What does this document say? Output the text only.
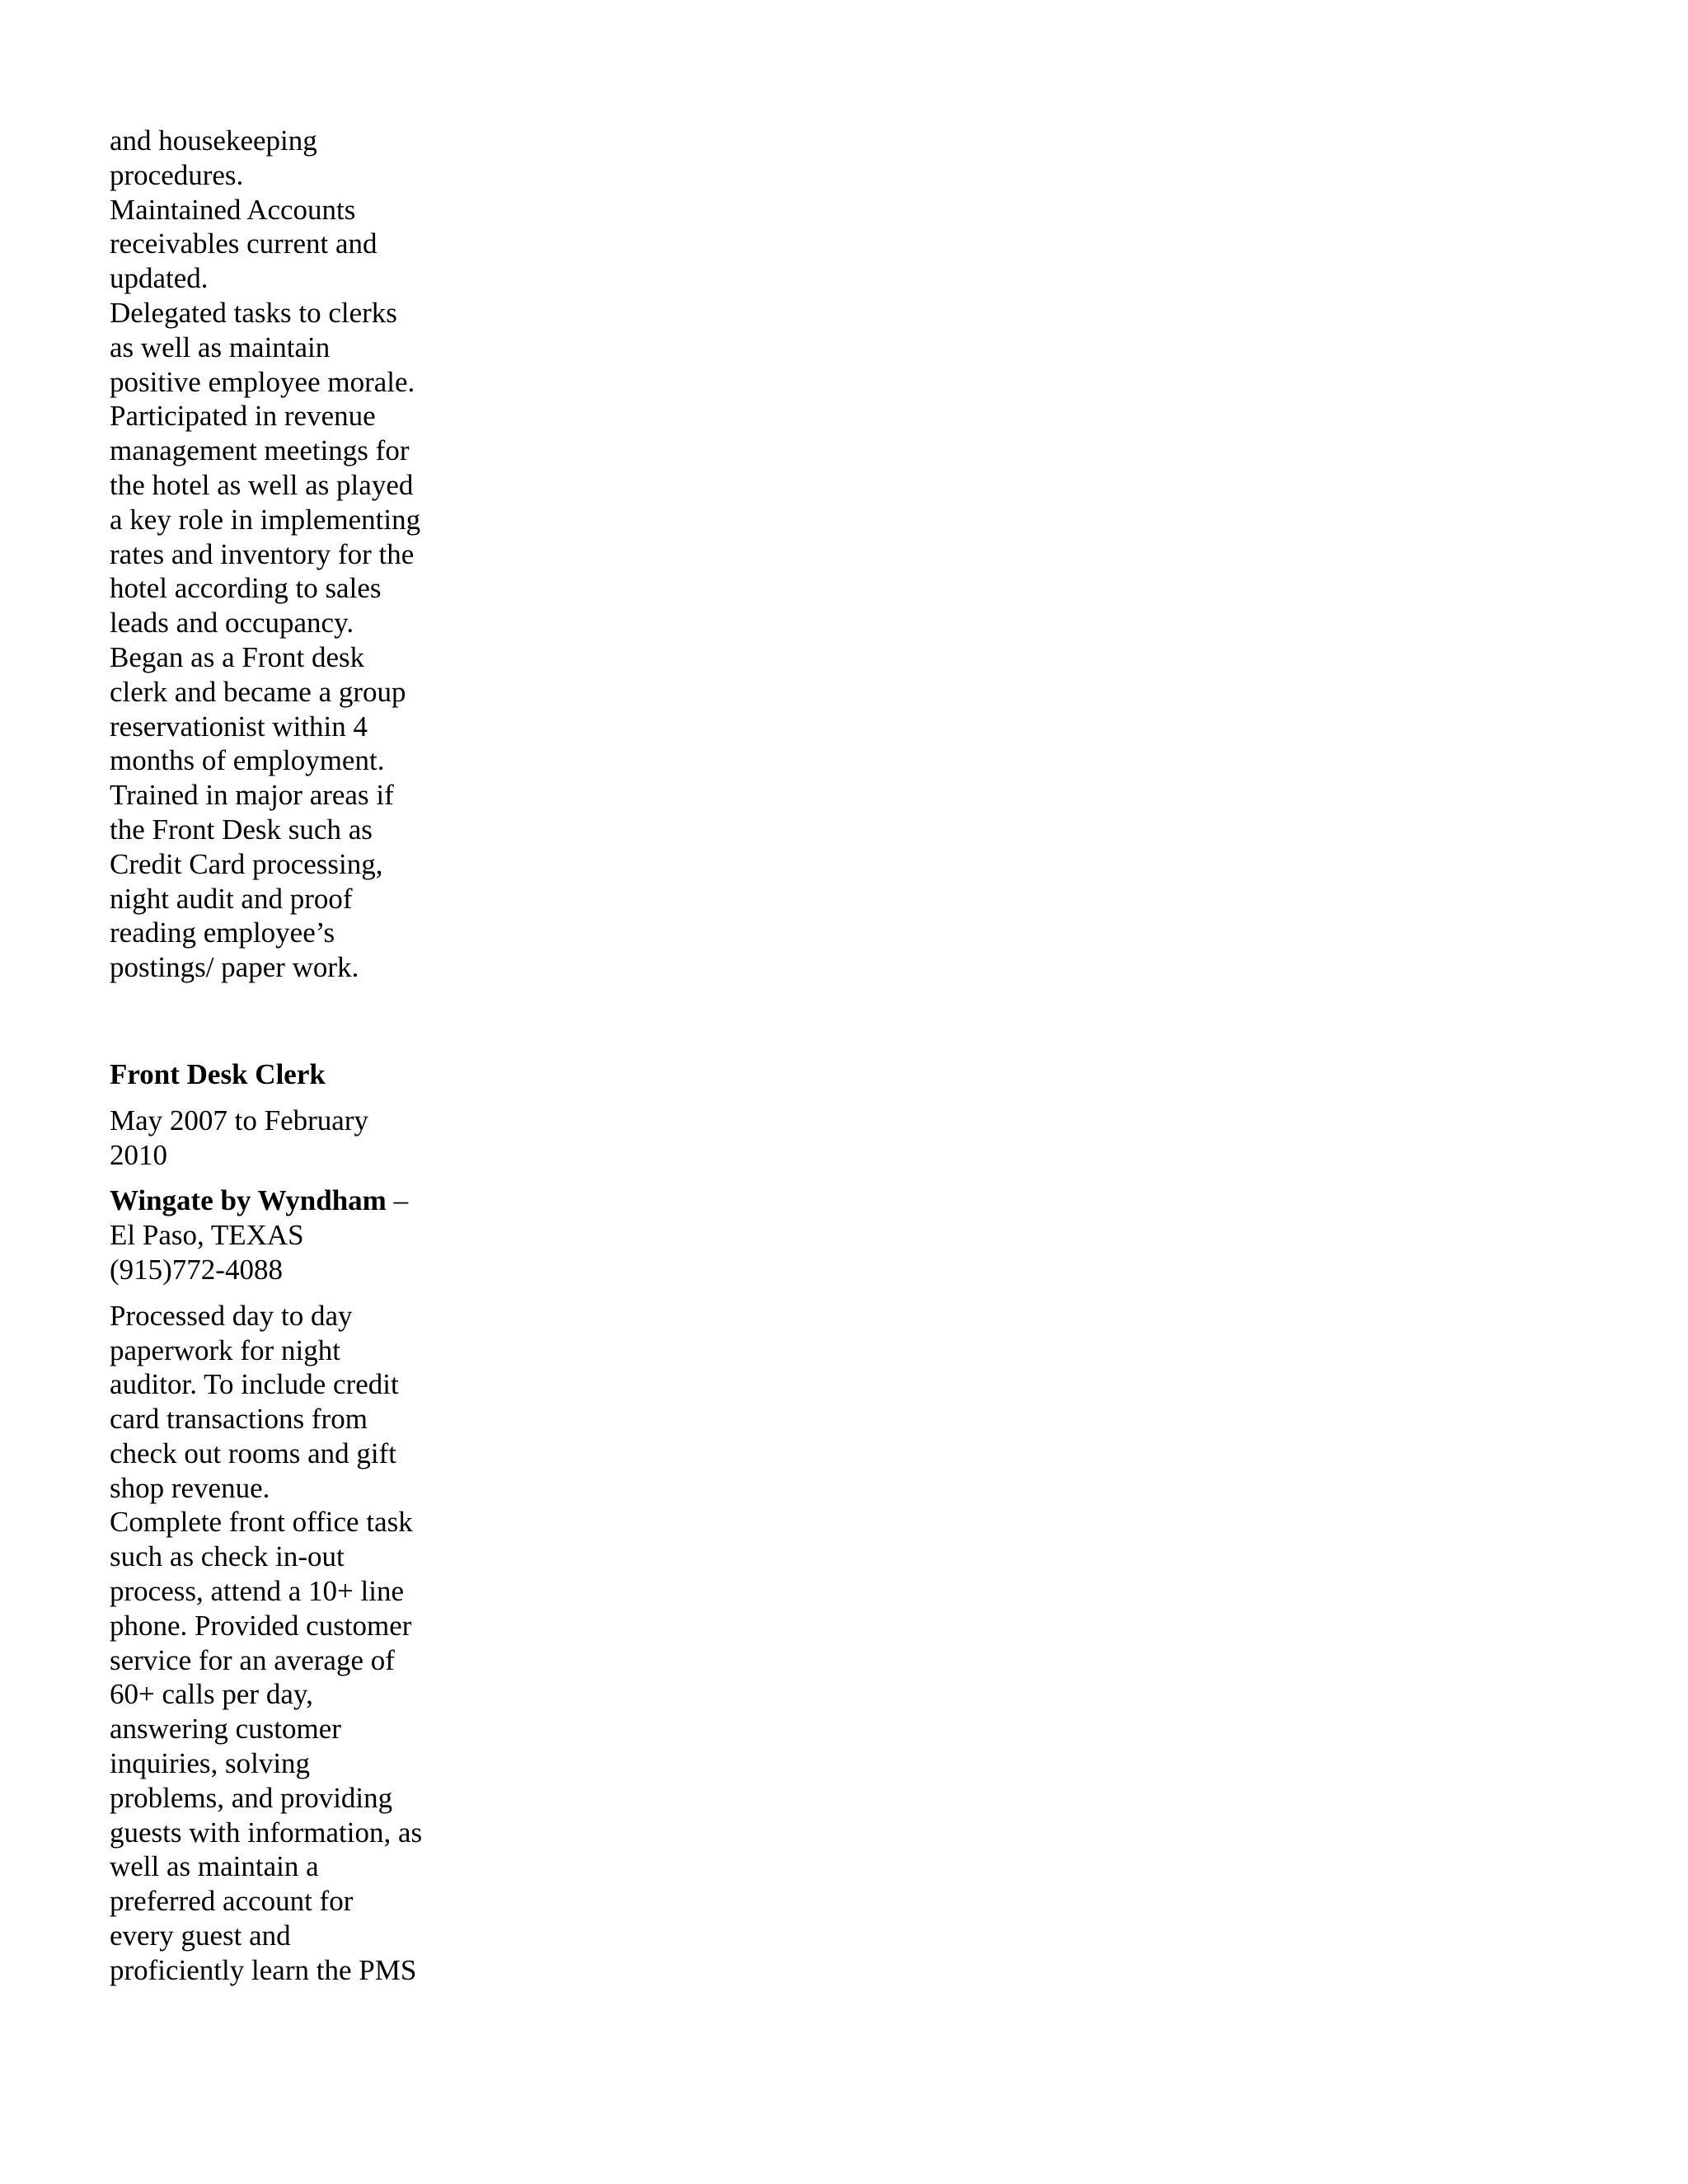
and housekeeping
procedures.
Maintained Accounts
receivables current and
updated.
Delegated tasks to clerks
as well as maintain
positive employee morale.
Participated in revenue
management meetings for
the hotel as well as played
a key role in implementing
rates and inventory for the
hotel according to sales
leads and occupancy.
Began as a Front desk
clerk and became a group
reservationist within 4
months of employment.
Trained in major areas if
the Front Desk such as
Credit Card processing,
night audit and proof
reading employee’s
postings/ paper work.
Front Desk Clerk
May 2007 to February
2010
Wingate by Wyndham –
El Paso, TEXAS
(915)772-4088
Processed day to day
paperwork for night
auditor. To include credit
card transactions from
check out rooms and gift
shop revenue.
Complete front office task
such as check in-out
process, attend a 10+ line
phone. Provided customer
service for an average of
60+ calls per day,
answering customer
inquiries, solving
problems, and providing
guests with information, as
well as maintain a
preferred account for
every guest and
proficiently learn the PMS
